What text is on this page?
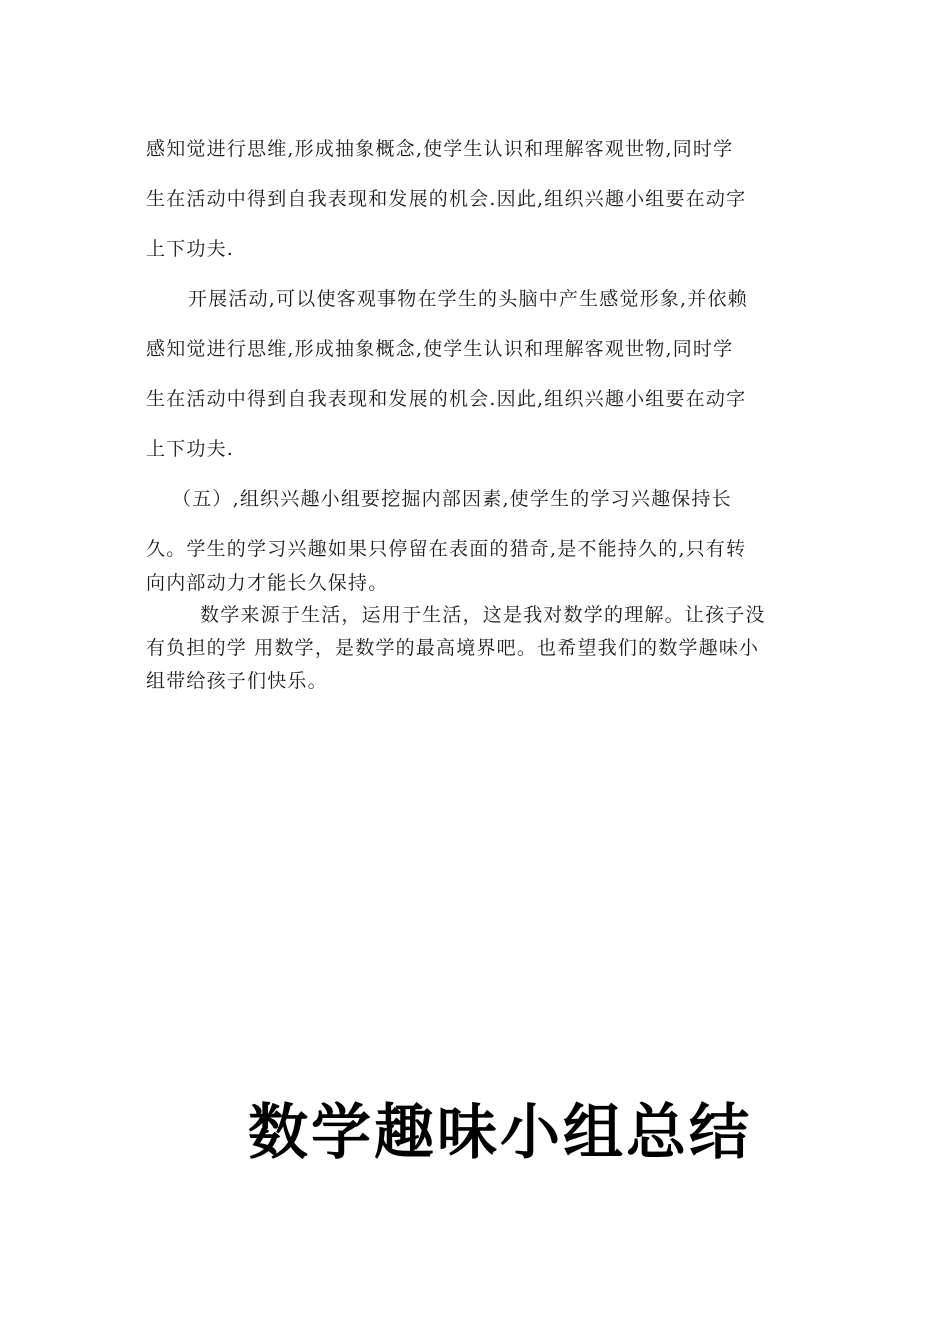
感知觉进行思维,形成抽象概念,使学生认识和理解客观世物,同时学
生在活动中得到自我表现和发展的机会.因此,组织兴趣小组要在动字
上下功夫.
开展活动,可以使客观事物在学生的头脑中产生感觉形象,并依赖
感知觉进行思维,形成抽象概念,使学生认识和理解客观世物,同时学
生在活动中得到自我表现和发展的机会.因此,组织兴趣小组要在动字
上下功夫.
（五）,组织兴趣小组要挖掘内部因素,使学生的学习兴趣保持长
久。学生的学习兴趣如果只停留在表面的猎奇,是不能持久的,只有转
向内部动力才能长久保持。
数学来源于生活，运用于生活，这是我对数学的理解。让孩子没
有负担的学 用数学，是数学的最高境界吧。也希望我们的数学趣味小
组带给孩子们快乐。
数学趣味小组总结
